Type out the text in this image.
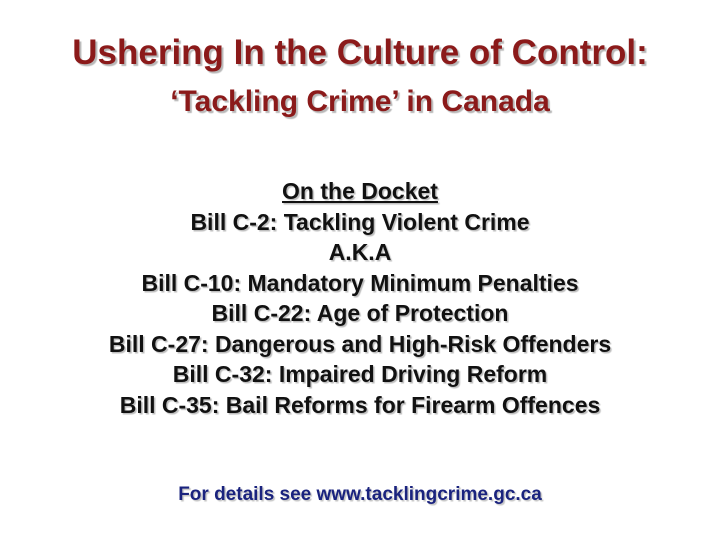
Ushering In the Culture of Control:
‘Tackling Crime’ in Canada
On the Docket
Bill C-2: Tackling Violent Crime
A.K.A
Bill C-10: Mandatory Minimum Penalties
Bill C-22: Age of Protection
Bill C-27: Dangerous and High-Risk Offenders
Bill C-32: Impaired Driving Reform
Bill C-35: Bail Reforms for Firearm Offences
For details see www.tacklingcrime.gc.ca
